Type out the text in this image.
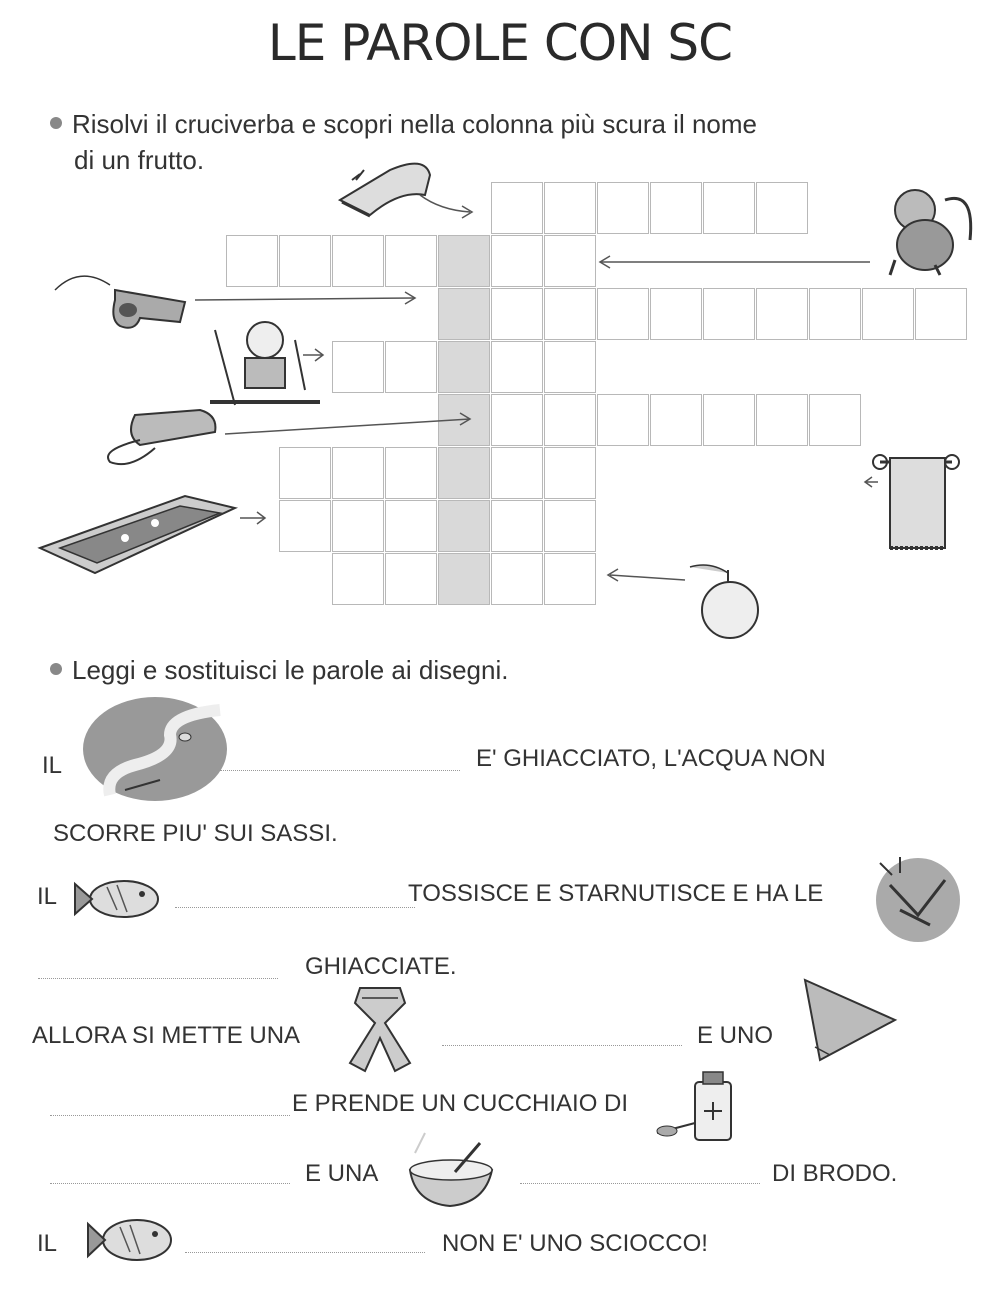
LE PAROLE CON SC
Risolvi il cruciverba e scopri nella colonna più scura il nome
di un frutto.
Leggi e sostituisci le parole ai disegni.
IL	E' GHIACCIATO, L'ACQUA NON
SCORRE PIU' SUI SASSI.
IL	TOSSISCE E STARNUTISCE E HA LE
GHIACCIATE.
ALLORA SI METTE UNA	E UNO
E PRENDE UN CUCCHIAIO DI
E UNA	DI BRODO.
IL	NON E' UNO SCIOCCO!
